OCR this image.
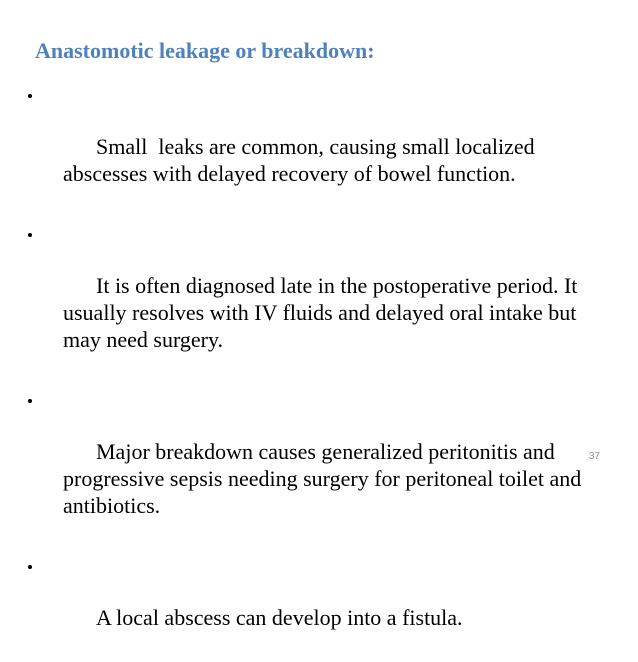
Anastomotic leakage or breakdown:

Small  leaks are common, causing small localized abscesses with delayed recovery of bowel function.

It is often diagnosed late in the postoperative period. It usually resolves with IV fluids and delayed oral intake but may need surgery.

Major breakdown causes generalized peritonitis and progressive sepsis needing surgery for peritoneal toilet and antibiotics.

A local abscess can develop into a fistula.

37
